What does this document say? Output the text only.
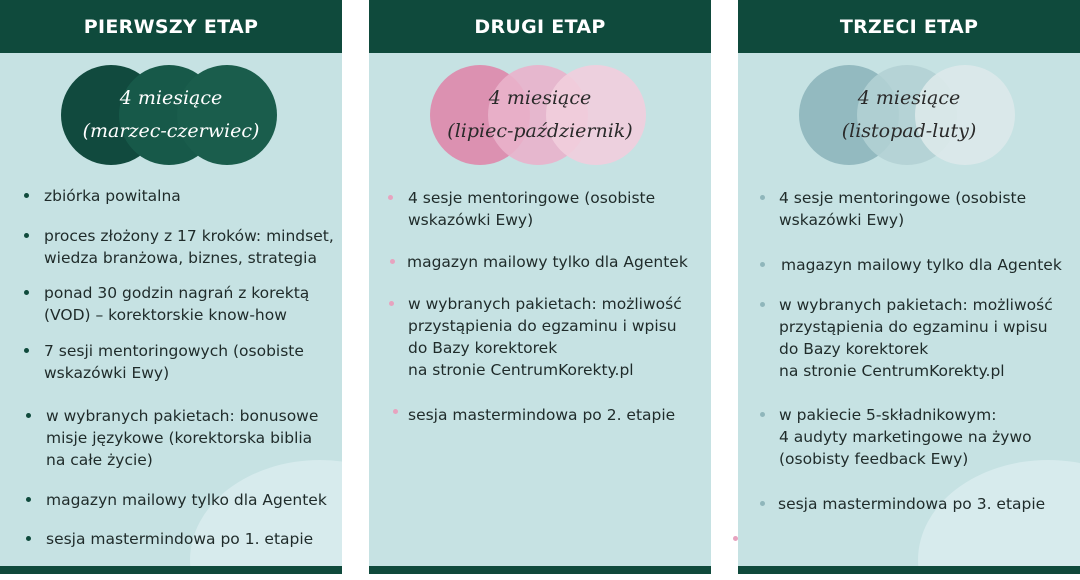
PIERWSZY ETAP
4 miesiące
(marzec-czerwiec)
zbiórka powitalna
proces złożony z 17 kroków: mindset,
wiedza branżowa, biznes, strategia
ponad 30 godzin nagrań z korektą
(VOD) – korektorskie know-how
7 sesji mentoringowych (osobiste
wskazówki Ewy)
w wybranych pakietach: bonusowe
misje językowe (korektorska biblia
na całe życie)
magazyn mailowy tylko dla Agentek
sesja mastermindowa po 1. etapie
DRUGI ETAP
4 miesiące
(lipiec-październik)
4 sesje mentoringowe (osobiste
wskazówki Ewy)
magazyn mailowy tylko dla Agentek
w wybranych pakietach: możliwość
przystąpienia do egzaminu i wpisu
do Bazy korektorek
na stronie CentrumKorekty.pl
sesja mastermindowa po 2. etapie
TRZECI ETAP
4 miesiące
(listopad-luty)
4 sesje mentoringowe (osobiste
wskazówki Ewy)
magazyn mailowy tylko dla Agentek
w wybranych pakietach: możliwość
przystąpienia do egzaminu i wpisu
do Bazy korektorek
na stronie CentrumKorekty.pl
w pakiecie 5-składnikowym:
4 audyty marketingowe na żywo
(osobisty feedback Ewy)
sesja mastermindowa po 3. etapie
